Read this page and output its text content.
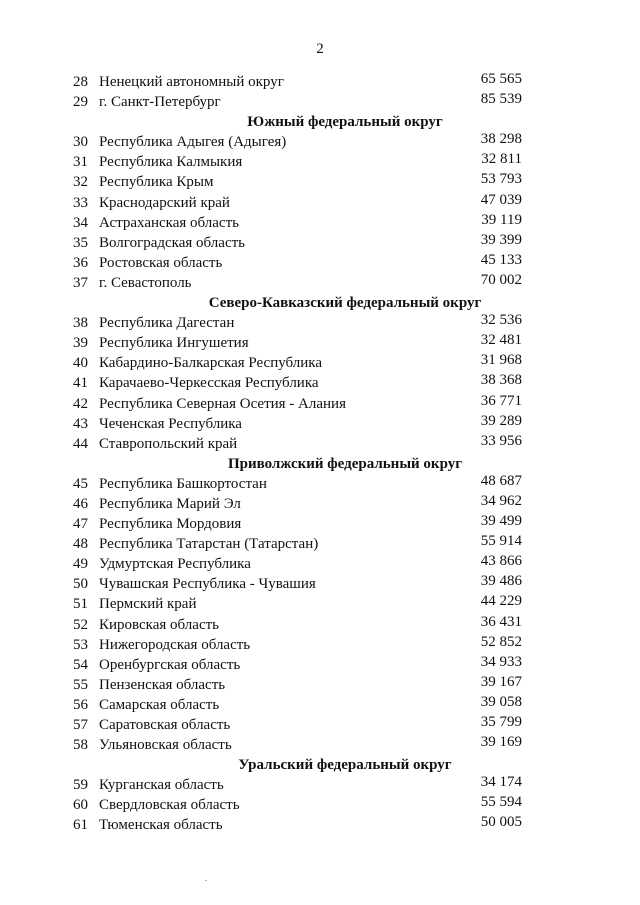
2
28 Ненецкий автономный округ	65 565
29 г. Санкт-Петербург	85 539
Южный федеральный округ
30 Республика Адыгея (Адыгея)	38 298
31 Республика Калмыкия	32 811
32 Республика Крым	53 793
33 Краснодарский край	47 039
34 Астраханская область	39 119
35 Волгоградская область	39 399
36 Ростовская область	45 133
37 г. Севастополь	70 002
Северо-Кавказский федеральный округ
38 Республика Дагестан	32 536
39 Республика Ингушетия	32 481
40 Кабардино-Балкарская Республика	31 968
41 Карачаево-Черкесская Республика	38 368
42 Республика Северная Осетия - Алания	36 771
43 Чеченская Республика	39 289
44 Ставропольский край	33 956
Приволжский федеральный округ
45 Республика Башкортостан	48 687
46 Республика Марий Эл	34 962
47 Республика Мордовия	39 499
48 Республика Татарстан (Татарстан)	55 914
49 Удмуртская Республика	43 866
50 Чувашская Республика - Чувашия	39 486
51 Пермский край	44 229
52 Кировская область	36 431
53 Нижегородская область	52 852
54 Оренбургская область	34 933
55 Пензенская область	39 167
56 Самарская область	39 058
57 Саратовская область	35 799
58 Ульяновская область	39 169
Уральский федеральный округ
59 Курганская область	34 174
60 Свердловская область	55 594
61 Тюменская область	50 005
